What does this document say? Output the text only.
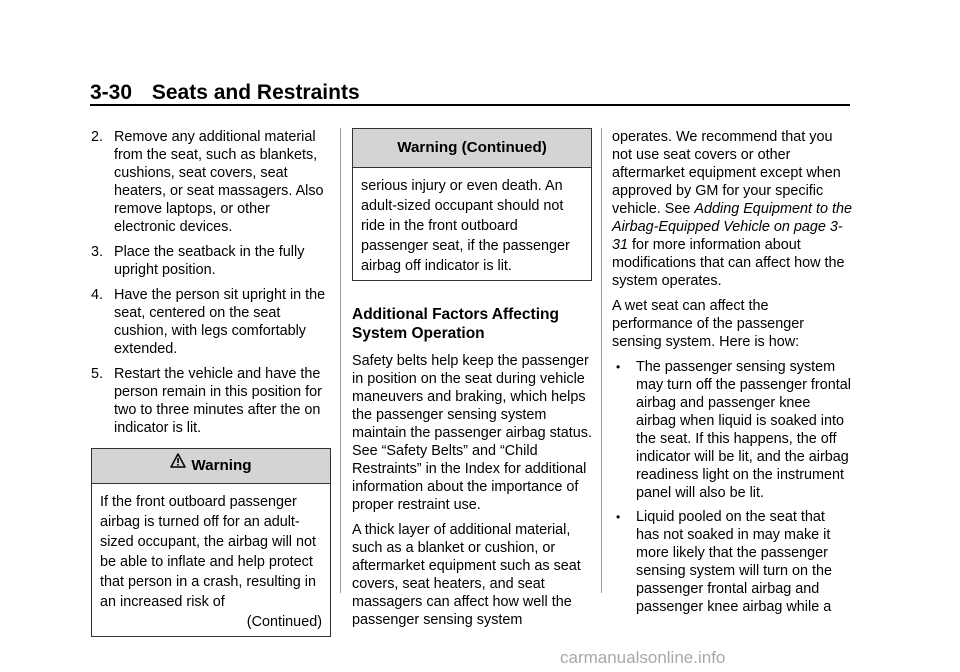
3-30 Seats and Restraints
2. Remove any additional material from the seat, such as blankets, cushions, seat covers, seat heaters, or seat massagers. Also remove laptops, or other electronic devices.
3. Place the seatback in the fully upright position.
4. Have the person sit upright in the seat, centered on the seat cushion, with legs comfortably extended.
5. Restart the vehicle and have the person remain in this position for two to three minutes after the on indicator is lit.
Warning
If the front outboard passenger airbag is turned off for an adult-sized occupant, the airbag will not be able to inflate and help protect that person in a crash, resulting in an increased risk of
(Continued)
Warning (Continued)
serious injury or even death. An adult-sized occupant should not ride in the front outboard passenger seat, if the passenger airbag off indicator is lit.
Additional Factors Affecting System Operation

Safety belts help keep the passenger in position on the seat during vehicle maneuvers and braking, which helps the passenger sensing system maintain the passenger airbag status. See “Safety Belts” and “Child Restraints” in the Index for additional information about the importance of proper restraint use.

A thick layer of additional material, such as a blanket or cushion, or aftermarket equipment such as seat covers, seat heaters, and seat massagers can affect how well the passenger sensing system

operates. We recommend that you not use seat covers or other aftermarket equipment except when approved by GM for your specific vehicle. See Adding Equipment to the Airbag-Equipped Vehicle on page 3-31 for more information about modifications that can affect how the system operates.

A wet seat can affect the performance of the passenger sensing system. Here is how:

• The passenger sensing system may turn off the passenger frontal airbag and passenger knee airbag when liquid is soaked into the seat. If this happens, the off indicator will be lit, and the airbag readiness light on the instrument panel will also be lit.
• Liquid pooled on the seat that has not soaked in may make it more likely that the passenger sensing system will turn on the passenger frontal airbag and passenger knee airbag while a
carmanualsonline.info
